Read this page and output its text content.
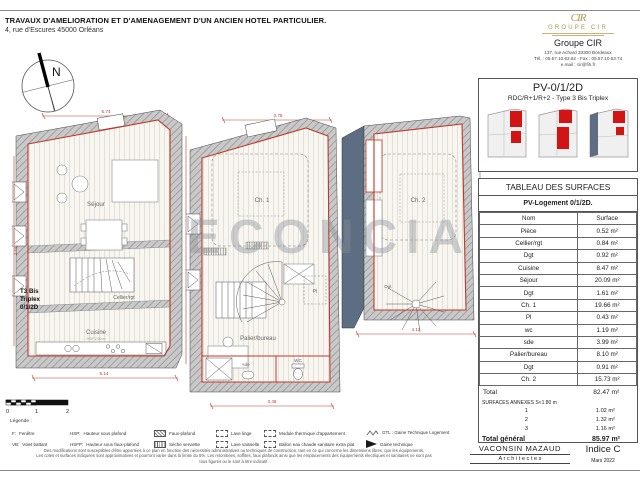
TRAVAUX D'AMELIORATION ET D'AMENAGEMENT D'UN ANCIEN HOTEL PARTICULIER.
4, rue d'Escures 45000 Orléans
CIR
GROUPE CIR
Groupe CIR
137, rue Achard 33300 Bordeaux
Tél. : 05.57.10.63.62 - Fax : 05.57.10.63.74
e.mail : cir@fih.fr
N
ECONCIA
5.74
Séjour
Cellier/rgt
Cuisine
HSP 2.50 m
5.14
2.40
T3 Bis
Triplex
0/1/2D
3.75
Ch. 1
Pl
Palier/bureau
sde
WC
3.48
Ch. 2
Dgt
4.12
PV-0/1/2D
RDC/R+1/R+2 - Type 3 Bis Triplex
TABLEAU DES SURFACES
PV-Logement 0/1/2D.
Nom	Surface
Pièce	0.52 m²
Cellier/rgt	0.84 m²
Dgt	0.92 m²
Cuisine	8.47 m²
Séjour	20.09 m²
Dgt	1.61 m²
Ch. 1	19.66 m²
Pl	0.43 m²
wc	1.19 m²
sde	3.99 m²
Palier/bureau	8.10 m²
Dgt	0.91 m²
Ch. 2	15.73 m²
Total	82.47 m²
SURFACES ANNEXES S<1.80 m
1	1.02 m²
2	1.32 m²
3	1.16 m²
Total général	85.97 m²
VACONSIN MAZAUD
A r c h i t e c t e s
Indice C
Mars 2022
0	1	2
Légende :
F: Fenêtre	HSP: Hauteur sous plafond	Faux-plafond	Lave linge	Module thermique d'appartement	GTL : Gaine Technique Logement
VB: Volet battant	HSFP: Hauteur sous faux-plafond	Sèche serviette	Lave vaisselle	Ballon eau chaude sanitaire extra plat	Gaine technique
Des modifications sont susceptibles d'être apportées à ce plan en fonction des nécessités administratives ou techniques de construction, tant en ce qui concerne les dimensions libres, que les équipements,
Les cotes et surfaces indiquées sont approximatives et pourront varier dans la limite du 5%. Les retombées, soffites, faux plafonds ainsi que les emplacements des équipements électriques et sanitaires ne sont pas
tous figurés ou le sont à titre indicatif.
